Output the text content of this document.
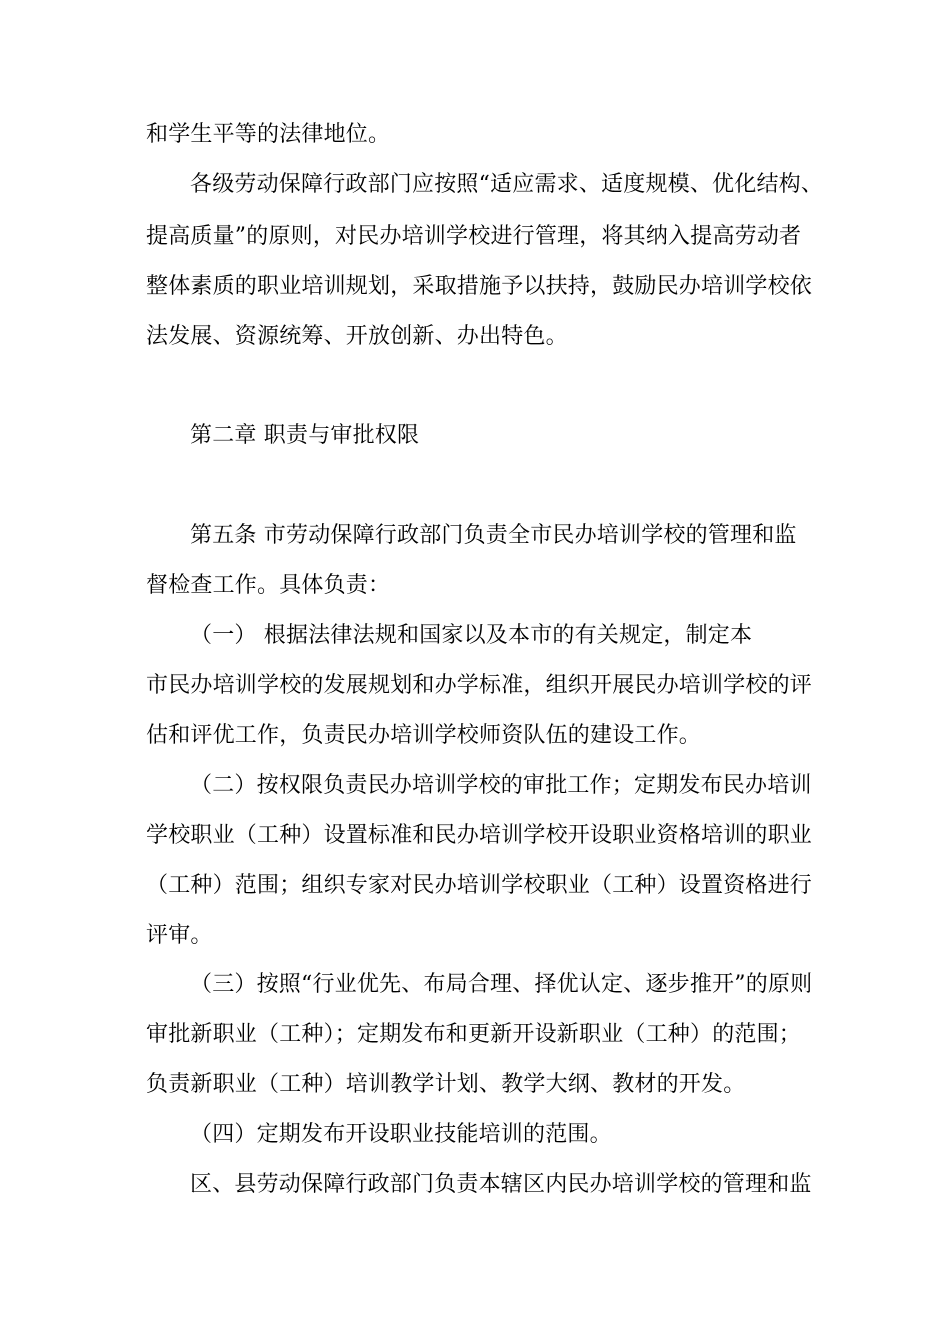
和学生平等的法律地位。
各级劳动保障行政部门应按照“适应需求、适度规模、优化结构、
提高质量”的原则，对民办培训学校进行管理，将其纳入提高劳动者
整体素质的职业培训规划，采取措施予以扶持，鼓励民办培训学校依
法发展、资源统筹、开放创新、办出特色。
第二章 职责与审批权限
第五条 市劳动保障行政部门负责全市民办培训学校的管理和监
督检查工作。具体负责：
（一） 根据法律法规和国家以及本市的有关规定，制定本
市民办培训学校的发展规划和办学标准，组织开展民办培训学校的评
估和评优工作，负责民办培训学校师资队伍的建设工作。
（二）按权限负责民办培训学校的审批工作；定期发布民办培训
学校职业（工种）设置标准和民办培训学校开设职业资格培训的职业
（工种）范围；组织专家对民办培训学校职业（工种）设置资格进行
评审。
（三）按照“行业优先、布局合理、择优认定、逐步推开”的原则
审批新职业（工种）；定期发布和更新开设新职业（工种）的范围；
负责新职业（工种）培训教学计划、教学大纲、教材的开发。
（四）定期发布开设职业技能培训的范围。
区、县劳动保障行政部门负责本辖区内民办培训学校的管理和监
